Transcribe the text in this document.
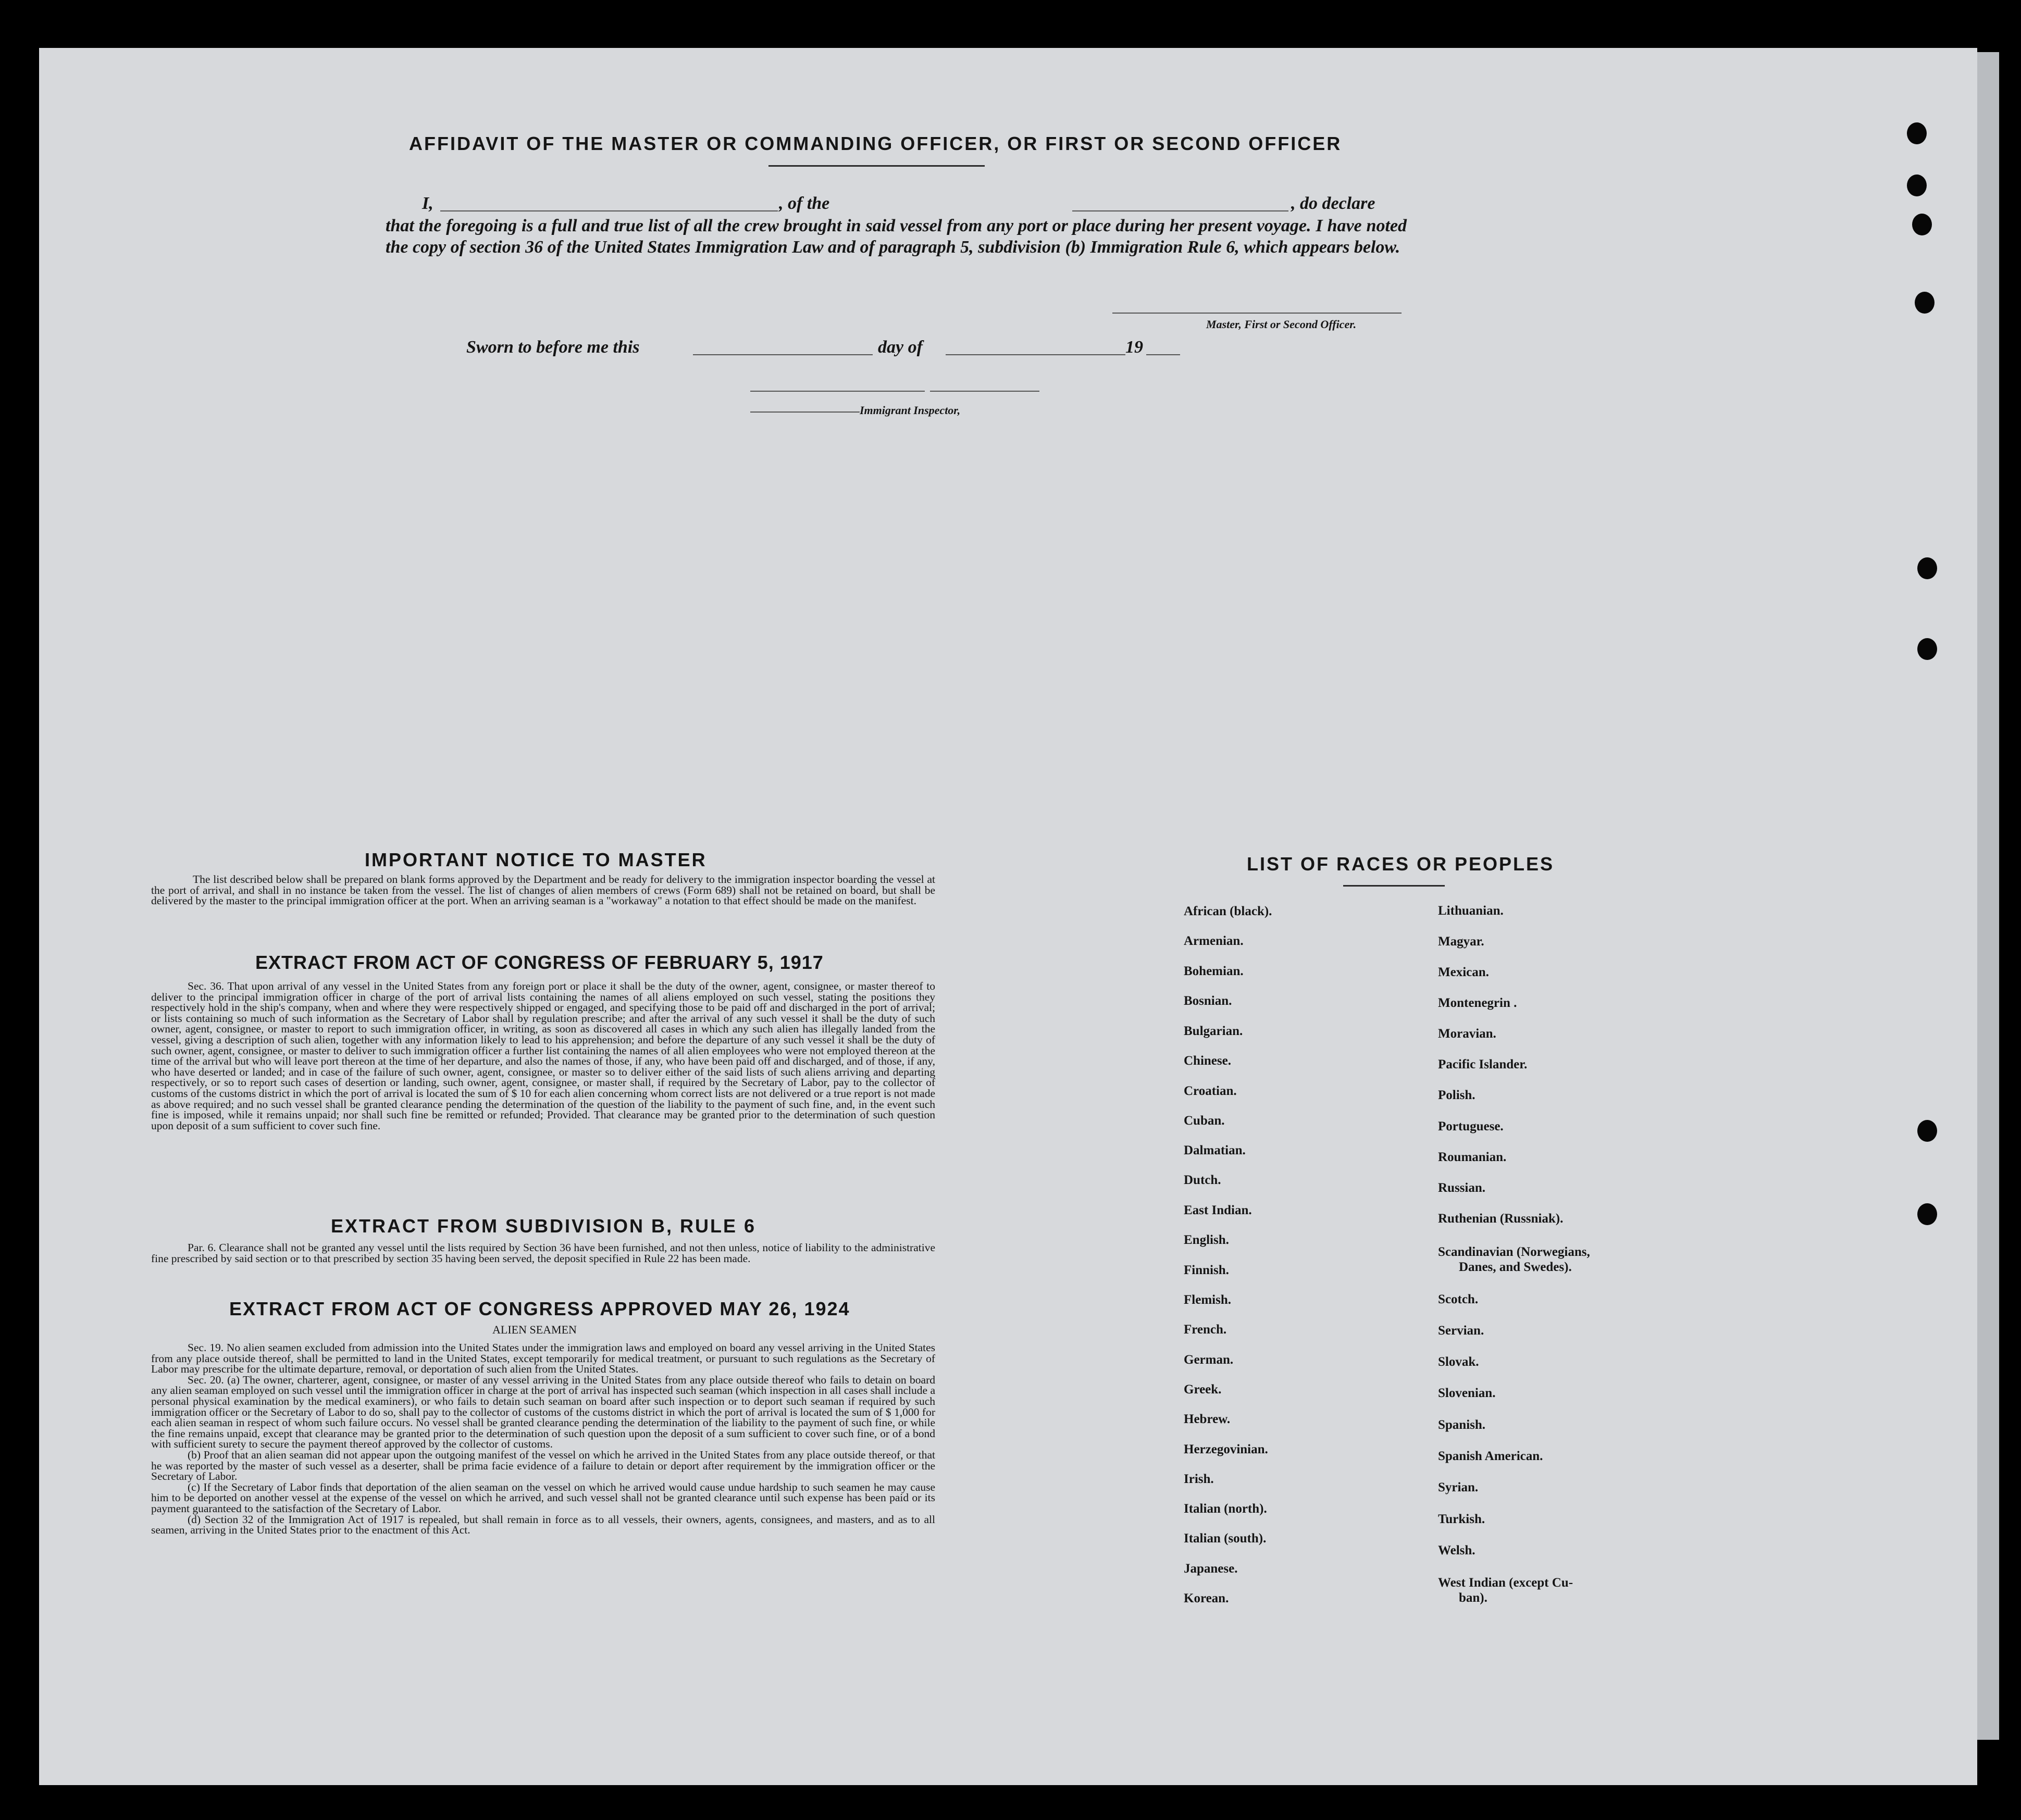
AFFIDAVIT OF THE MASTER OR COMMANDING OFFICER, OR FIRST OR SECOND OFFICER
I,	, of the	, do declare
that the foregoing is a full and true list of all the crew brought in said vessel from any port or place during her present voyage. I have noted the copy of section 36 of the United States Immigration Law and of paragraph 5, subdivision (b) Immigration Rule 6, which appears below.
Master, First or Second Officer.
Sworn to before me this	day of	19
Immigrant Inspector,
IMPORTANT NOTICE TO MASTER

The list described below shall be prepared on blank forms approved by the Department and be ready for delivery to the immigration inspector boarding the vessel at the port of arrival, and shall in no instance be taken from the vessel. The list of changes of alien members of crews (Form 689) shall not be retained on board, but shall be delivered by the master to the principal immigration officer at the port. When an arriving seaman is a "workaway" a notation to that effect should be made on the manifest.

EXTRACT FROM ACT OF CONGRESS OF FEBRUARY 5, 1917

Sec. 36. That upon arrival of any vessel in the United States from any foreign port or place it shall be the duty of the owner, agent, consignee, or master thereof to deliver to the principal immigration officer in charge of the port of arrival lists containing the names of all aliens employed on such vessel, stating the positions they respectively hold in the ship's company, when and where they were respectively shipped or engaged, and specifying those to be paid off and discharged in the port of arrival; or lists containing so much of such information as the Secretary of Labor shall by regulation prescribe; and after the arrival of any such vessel it shall be the duty of such owner, agent, consignee, or master to report to such immigration officer, in writing, as soon as discovered all cases in which any such alien has illegally landed from the vessel, giving a description of such alien, together with any information likely to lead to his apprehension; and before the departure of any such vessel it shall be the duty of such owner, agent, consignee, or master to deliver to such immigration officer a further list containing the names of all alien employees who were not employed thereon at the time of the arrival but who will leave port thereon at the time of her departure, and also the names of those, if any, who have been paid off and discharged, and of those, if any, who have deserted or landed; and in case of the failure of such owner, agent, consignee, or master so to deliver either of the said lists of such aliens arriving and departing respectively, or so to report such cases of desertion or landing, such owner, agent, consignee, or master shall, if required by the Secretary of Labor, pay to the collector of customs of the customs district in which the port of arrival is located the sum of $ 10 for each alien concerning whom correct lists are not delivered or a true report is not made as above required; and no such vessel shall be granted clearance pending the determination of the question of the liability to the payment of such fine, and, in the event such fine is imposed, while it remains unpaid; nor shall such fine be remitted or refunded; Provided. That clearance may be granted prior to the determination of such question upon deposit of a sum sufficient to cover such fine.

EXTRACT FROM SUBDIVISION B, RULE 6

Par. 6. Clearance shall not be granted any vessel until the lists required by Section 36 have been furnished, and not then unless, notice of liability to the administrative fine prescribed by said section or to that prescribed by section 35 having been served, the deposit specified in Rule 22 has been made.

EXTRACT FROM ACT OF CONGRESS APPROVED MAY 26, 1924
ALIEN SEAMEN

Sec. 19. No alien seamen excluded from admission into the United States under the immigration laws and employed on board any vessel arriving in the United States from any place outside thereof, shall be permitted to land in the United States, except temporarily for medical treatment, or pursuant to such regulations as the Secretary of Labor may prescribe for the ultimate departure, removal, or deportation of such alien from the United States.

Sec. 20. (a) The owner, charterer, agent, consignee, or master of any vessel arriving in the United States from any place outside thereof who fails to detain on board any alien seaman employed on such vessel until the immigration officer in charge at the port of arrival has inspected such seaman (which inspection in all cases shall include a personal physical examination by the medical examiners), or who fails to detain such seaman on board after such inspection or to deport such seaman if required by such immigration officer or the Secretary of Labor to do so, shall pay to the collector of customs of the customs district in which the port of arrival is located the sum of $ 1,000 for each alien seaman in respect of whom such failure occurs. No vessel shall be granted clearance pending the determination of the liability to the payment of such fine, or while the fine remains unpaid, except that clearance may be granted prior to the determination of such question upon the deposit of a sum sufficient to cover such fine, or of a bond with sufficient surety to secure the payment thereof approved by the collector of customs.

(b) Proof that an alien seaman did not appear upon the outgoing manifest of the vessel on which he arrived in the United States from any place outside thereof, or that he was reported by the master of such vessel as a deserter, shall be prima facie evidence of a failure to detain or deport after requirement by the immigration officer or the Secretary of Labor.

(c) If the Secretary of Labor finds that deportation of the alien seaman on the vessel on which he arrived would cause undue hardship to such seamen he may cause him to be deported on another vessel at the expense of the vessel on which he arrived, and such vessel shall not be granted clearance until such expense has been paid or its payment guaranteed to the satisfaction of the Secretary of Labor.

(d) Section 32 of the Immigration Act of 1917 is repealed, but shall remain in force as to all vessels, their owners, agents, consignees, and masters, and as to all seamen, arriving in the United States prior to the enactment of this Act.

LIST OF RACES OR PEOPLES
African (black).
Armenian.
Bohemian.
Bosnian.
Bulgarian.
Chinese.
Croatian.
Cuban.
Dalmatian.
Dutch.
East Indian.
English.
Finnish.
Flemish.
French.
German.
Greek.
Hebrew.
Herzegovinian.
Irish.
Italian (north).
Italian (south).
Japanese.
Korean.
Lithuanian.
Magyar.
Mexican.
Montenegrin .
Moravian.
Pacific Islander.
Polish.
Portuguese.
Roumanian.
Russian.
Ruthenian (Russniak).
Scandinavian (Norwegians,
Danes, and Swedes).
Scotch.
Servian.
Slovak.
Slovenian.
Spanish.
Spanish American.
Syrian.
Turkish.
Welsh.
West Indian (except Cu-
ban).
